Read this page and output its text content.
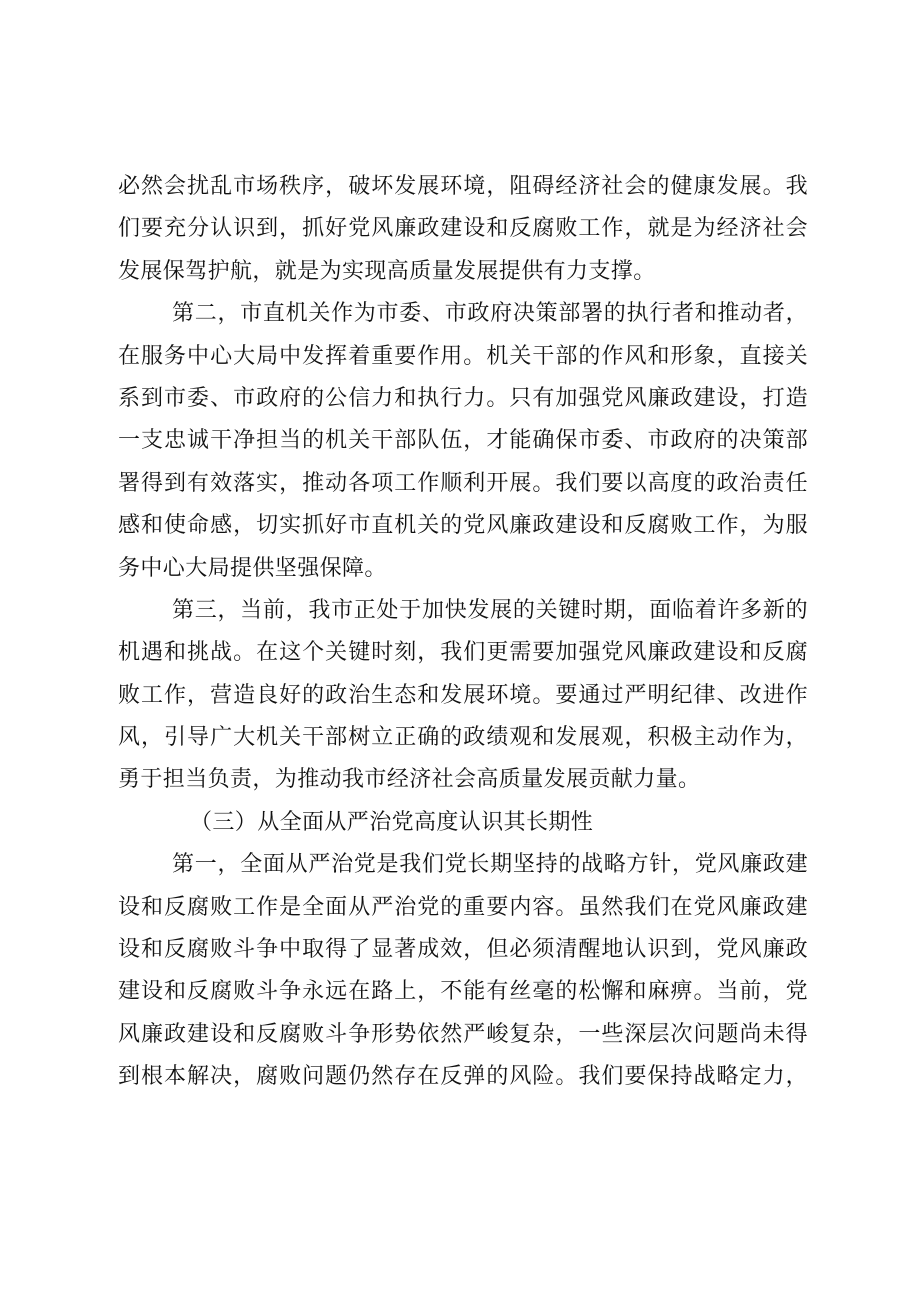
必然会扰乱市场秩序，破坏发展环境，阻碍经济社会的健康发展。我
们要充分认识到，抓好党风廉政建设和反腐败工作，就是为经济社会
发展保驾护航，就是为实现高质量发展提供有力支撑。
第二，市直机关作为市委、市政府决策部署的执行者和推动者，
在服务中心大局中发挥着重要作用。机关干部的作风和形象，直接关
系到市委、市政府的公信力和执行力。只有加强党风廉政建设，打造
一支忠诚干净担当的机关干部队伍，才能确保市委、市政府的决策部
署得到有效落实，推动各项工作顺利开展。我们要以高度的政治责任
感和使命感，切实抓好市直机关的党风廉政建设和反腐败工作，为服
务中心大局提供坚强保障。
第三，当前，我市正处于加快发展的关键时期，面临着许多新的
机遇和挑战。在这个关键时刻，我们更需要加强党风廉政建设和反腐
败工作，营造良好的政治生态和发展环境。要通过严明纪律、改进作
风，引导广大机关干部树立正确的政绩观和发展观，积极主动作为，
勇于担当负责，为推动我市经济社会高质量发展贡献力量。
（三）从全面从严治党高度认识其长期性
第一，全面从严治党是我们党长期坚持的战略方针，党风廉政建
设和反腐败工作是全面从严治党的重要内容。虽然我们在党风廉政建
设和反腐败斗争中取得了显著成效，但必须清醒地认识到，党风廉政
建设和反腐败斗争永远在路上，不能有丝毫的松懈和麻痹。当前，党
风廉政建设和反腐败斗争形势依然严峻复杂，一些深层次问题尚未得
到根本解决，腐败问题仍然存在反弹的风险。我们要保持战略定力，
